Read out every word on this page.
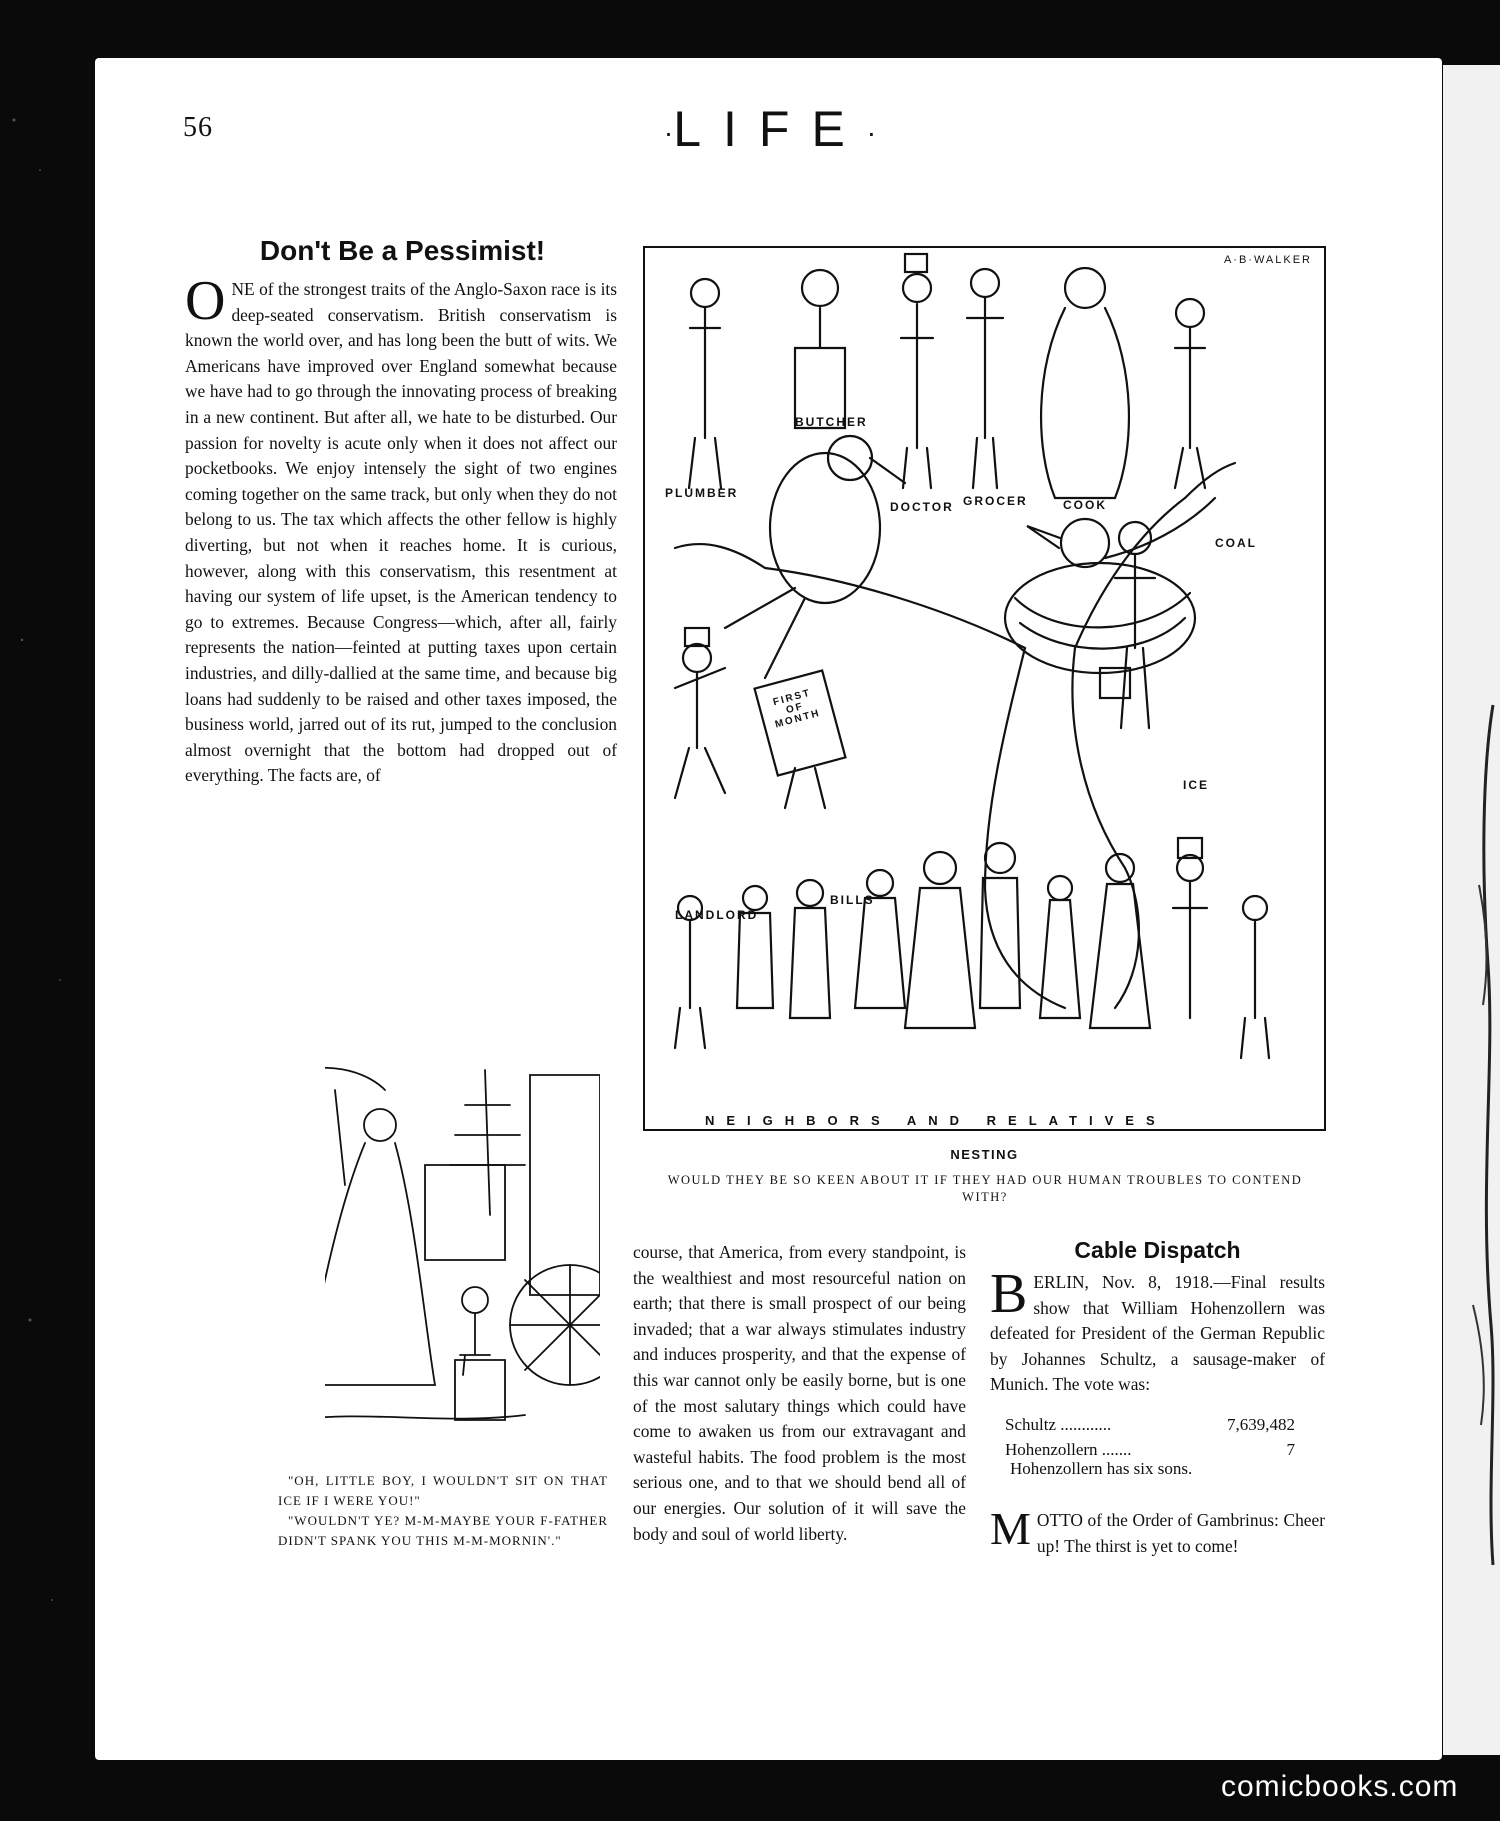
56	·LIFE·
Don't Be a Pessimist!
ONE of the strongest traits of the Anglo-Saxon race is its deep-seated conservatism. British conservatism is known the world over, and has long been the butt of wits. We Americans have improved over England somewhat because we have had to go through the innovating process of breaking in a new continent. But after all, we hate to be disturbed. Our passion for novelty is acute only when it does not affect our pocketbooks. We enjoy intensely the sight of two engines coming together on the same track, but only when they do not belong to us. The tax which affects the other fellow is highly diverting, but not when it reaches home. It is curious, however, along with this conservatism, this resentment at having our system of life upset, is the American tendency to go to extremes. Because Congress—which, after all, fairly represents the nation—feinted at putting taxes upon certain industries, and dilly-dallied at the same time, and because big loans had suddenly to be raised and other taxes imposed, the business world, jarred out of its rut, jumped to the conclusion almost overnight that the bottom had dropped out of everything. The facts are, of
A·B·WALKER
PLUMBER
BUTCHER
DOCTOR GROCER	COOK
COAL
ICE
FIRST OF MONTH
LANDLORD
BILLS
NEIGHBORS AND RELATIVES
NESTING
WOULD THEY BE SO KEEN ABOUT IT IF THEY HAD OUR HUMAN TROUBLES TO CONTEND WITH?

"OH, LITTLE BOY, I WOULDN'T SIT ON THAT ICE IF I WERE YOU!"

"WOULDN'T YE? M-M-MAYBE YOUR F-FATHER DIDN'T SPANK YOU THIS M-M-MORNIN'."

course, that America, from every standpoint, is the wealthiest and most resourceful nation on earth; that there is small prospect of our being invaded; that a war always stimulates industry and induces prosperity, and that the expense of this war cannot only be easily borne, but is one of the most salutary things which could have come to awaken us from our extravagant and wasteful habits. The food problem is the most serious one, and to that we should bend all of our energies. Our solution of it will save the body and soul of world liberty.
Cable Dispatch
BERLIN, Nov. 8, 1918.—Final results show that William Hohenzollern was defeated for President of the German Republic by Johannes Schultz, a sausage-maker of Munich. The vote was:
Schultz ............	7,639,482
Hohenzollern .......	7
Hohenzollern has six sons.
MOTTO of the Order of Gambrinus: Cheer up! The thirst is yet to come!
comicbooks.com
